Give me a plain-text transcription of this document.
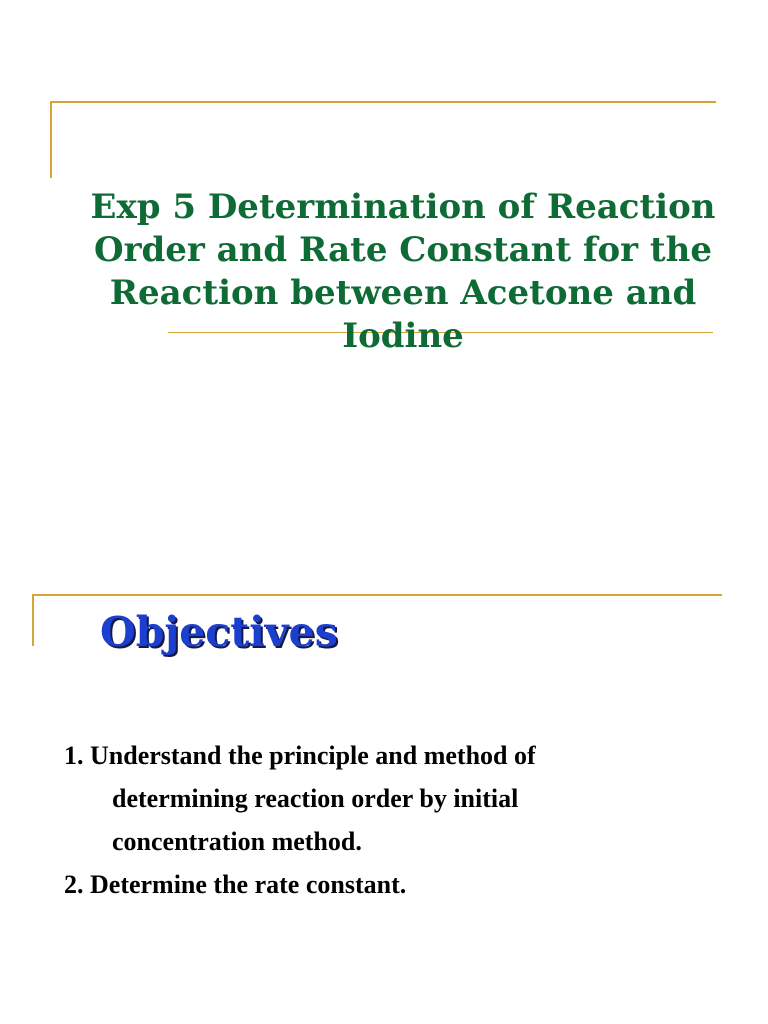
Exp 5 Determination of Reaction
Order and Rate Constant for the
Reaction between Acetone and
Iodine
Objectives
1. Understand the principle and method of
determining reaction order by initial
concentration method.
2. Determine the rate constant.
